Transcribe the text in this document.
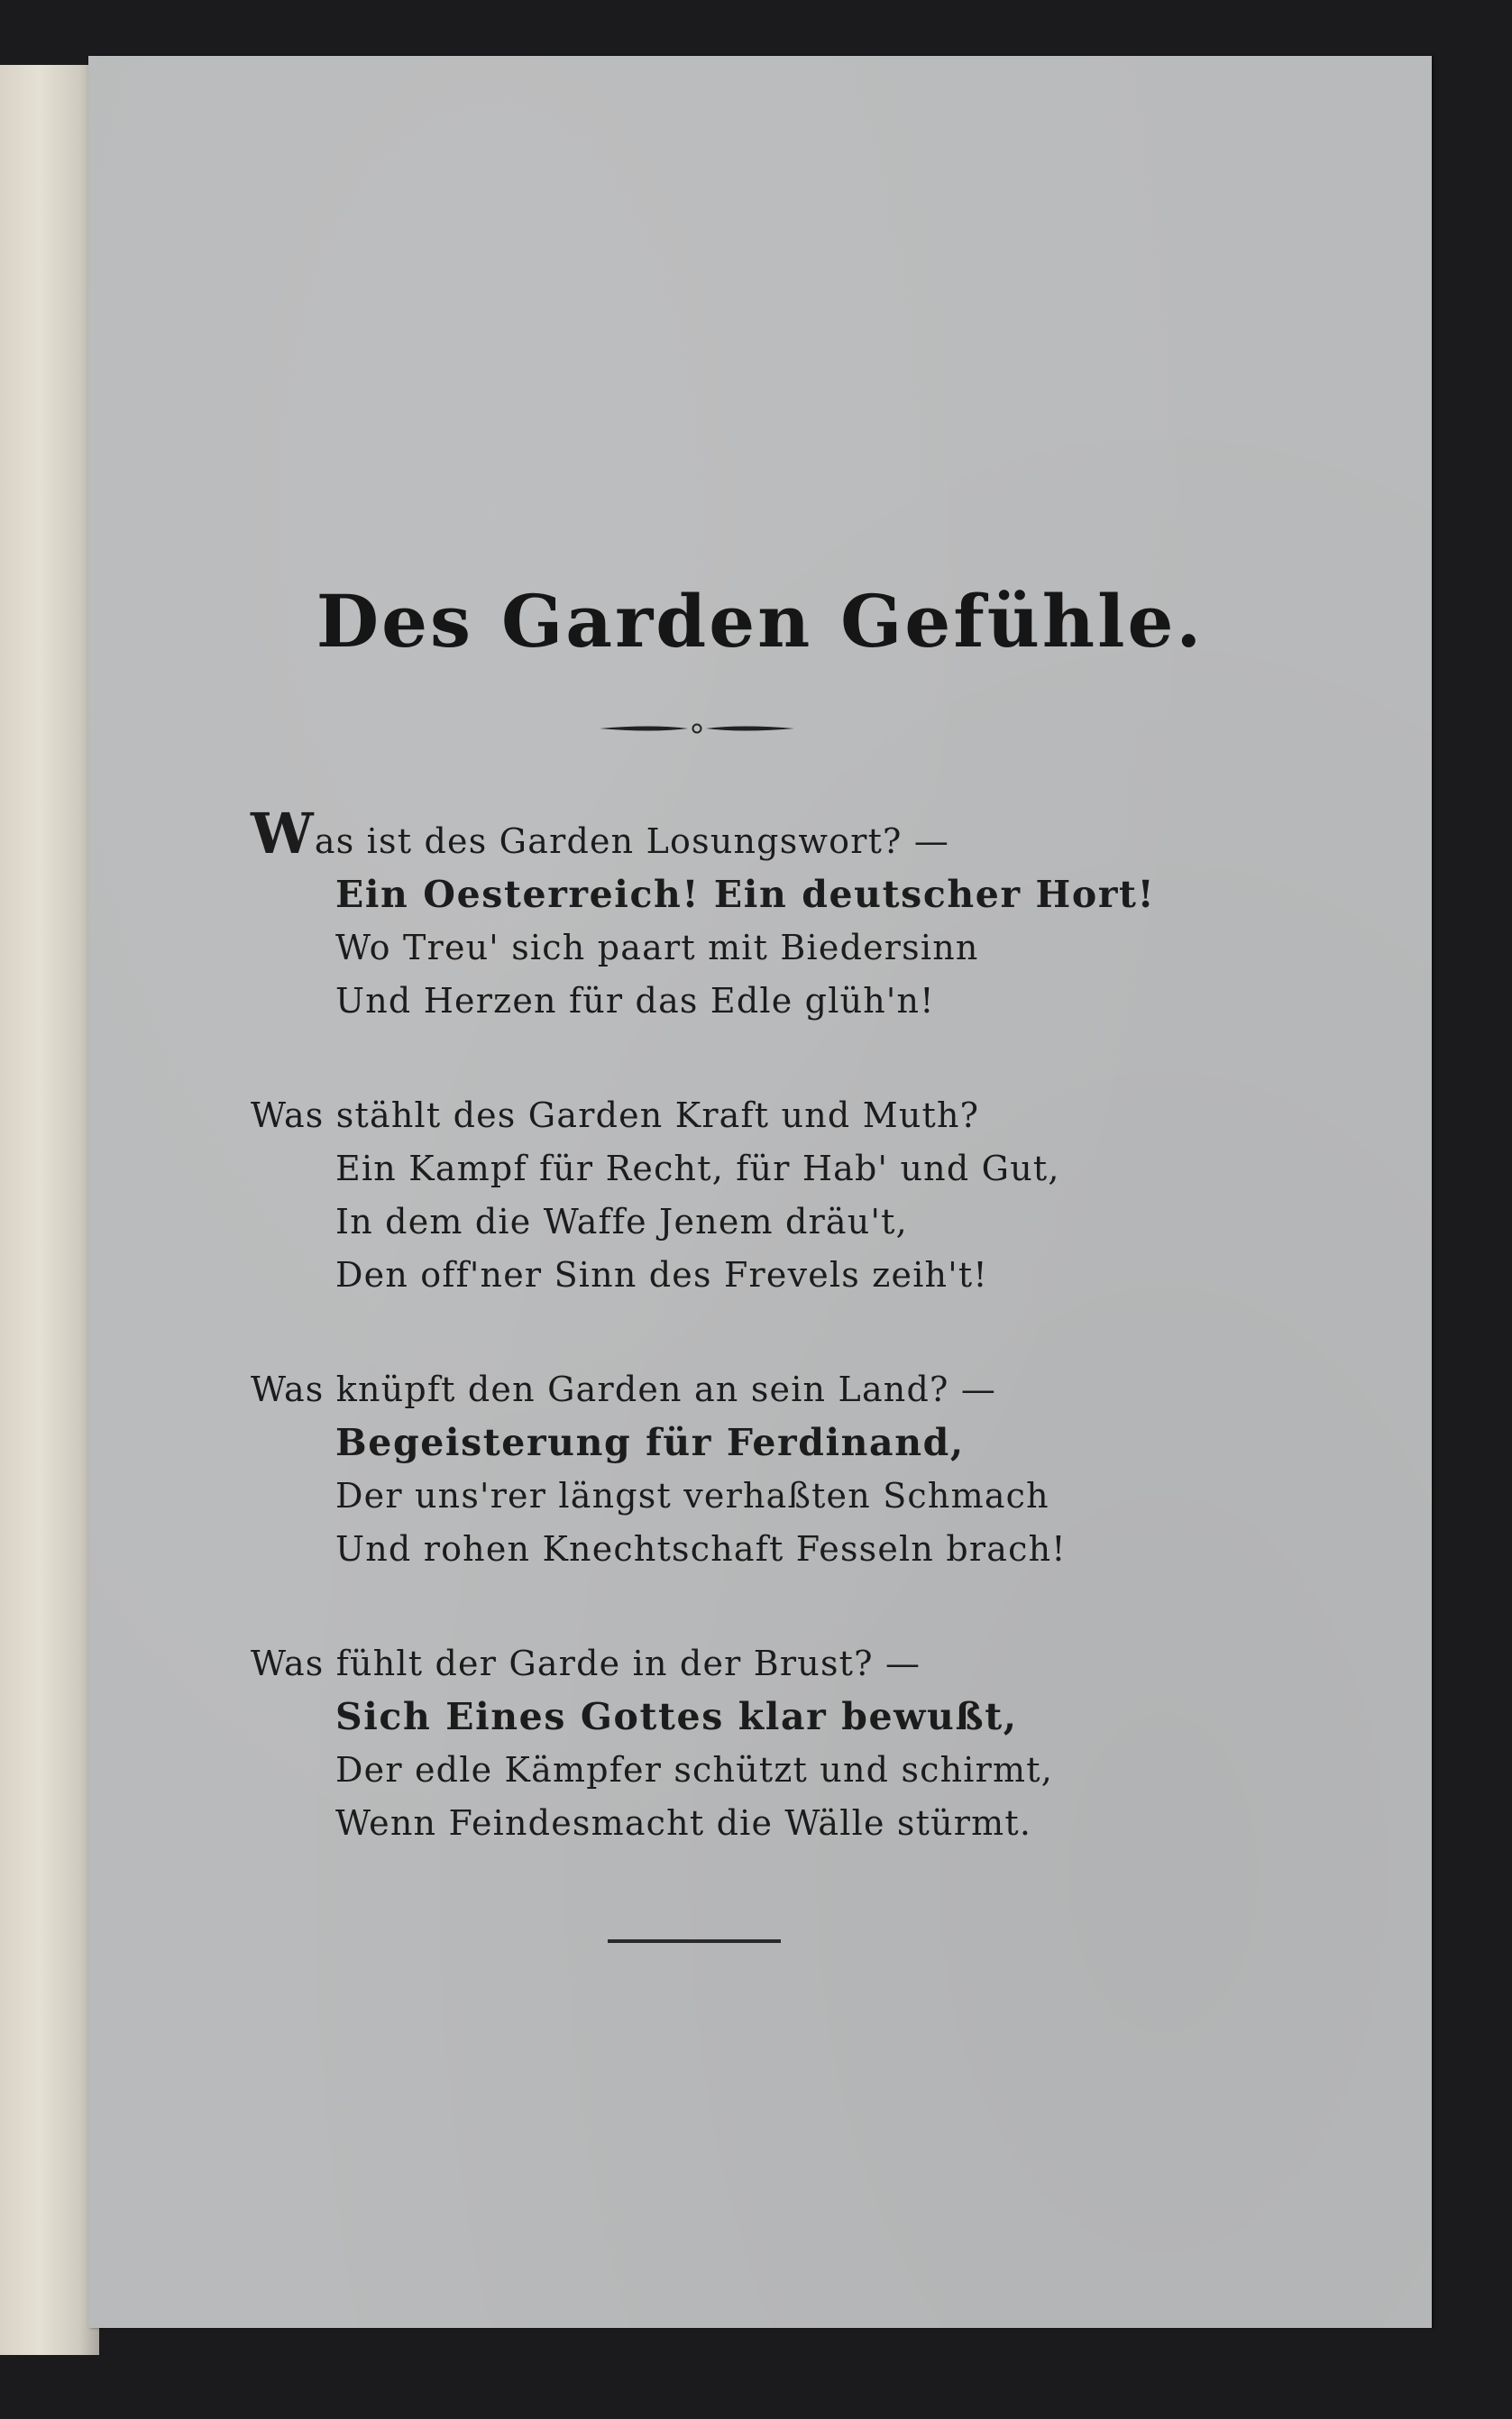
Des Garden Gefühle.
Was ist des Garden Losungswort? —
Ein Oesterreich! Ein deutscher Hort!
Wo Treu' sich paart mit Biedersinn
Und Herzen für das Edle glüh'n!
Was stählt des Garden Kraft und Muth?
Ein Kampf für Recht, für Hab' und Gut,
In dem die Waffe Jenem dräu't,
Den off'ner Sinn des Frevels zeih't!
Was knüpft den Garden an sein Land? —
Begeisterung für Ferdinand,
Der uns'rer längst verhaßten Schmach
Und rohen Knechtschaft Fesseln brach!
Was fühlt der Garde in der Brust? —
Sich Eines Gottes klar bewußt,
Der edle Kämpfer schützt und schirmt,
Wenn Feindesmacht die Wälle stürmt.
